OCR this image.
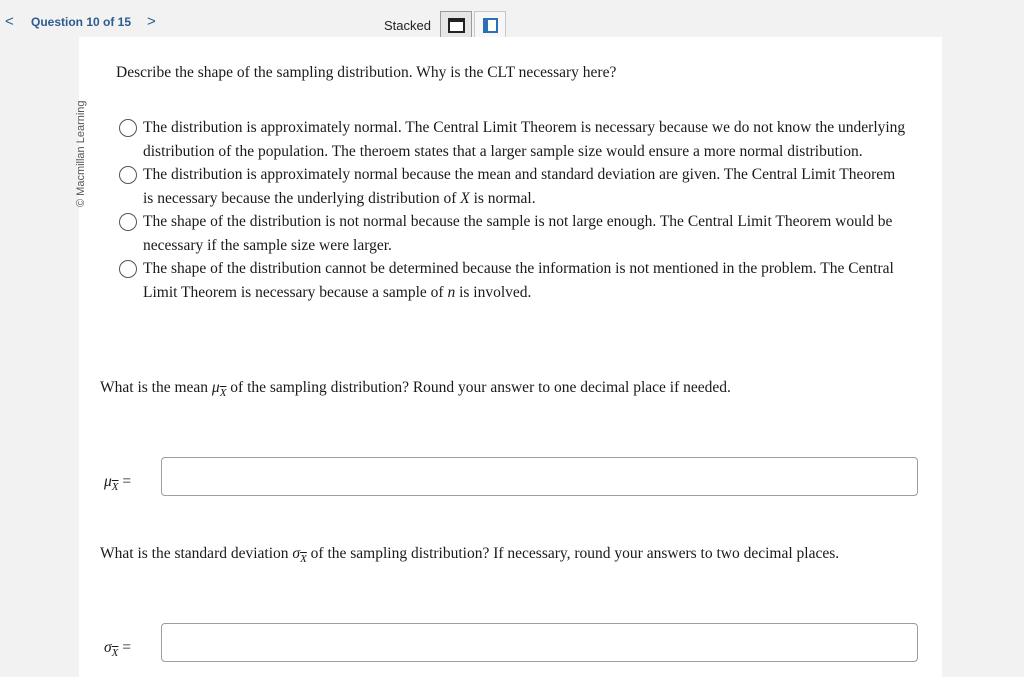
< Question 10 of 15 >	Stacked
© Macmillan Learning
Describe the shape of the sampling distribution. Why is the CLT necessary here?
The distribution is approximately normal. The Central Limit Theorem is necessary because we do not know the underlying distribution of the population. The theroem states that a larger sample size would ensure a more normal distribution.
The distribution is approximately normal because the mean and standard deviation are given. The Central Limit Theorem is necessary because the underlying distribution of X is normal.
The shape of the distribution is not normal because the sample is not large enough. The Central Limit Theorem would be necessary if the sample size were larger.
The shape of the distribution cannot be determined because the information is not mentioned in the problem. The Central Limit Theorem is necessary because a sample of n is involved.
What is the mean $\mu_{\overline{X}}$ of the sampling distribution? Round your answer to one decimal place if needed.
$\mu_{\overline{X}}$ =
What is the standard deviation $\sigma_{\overline{X}}$ of the sampling distribution? If necessary, round your answers to two decimal places.
$\sigma_{\overline{X}}$ =
